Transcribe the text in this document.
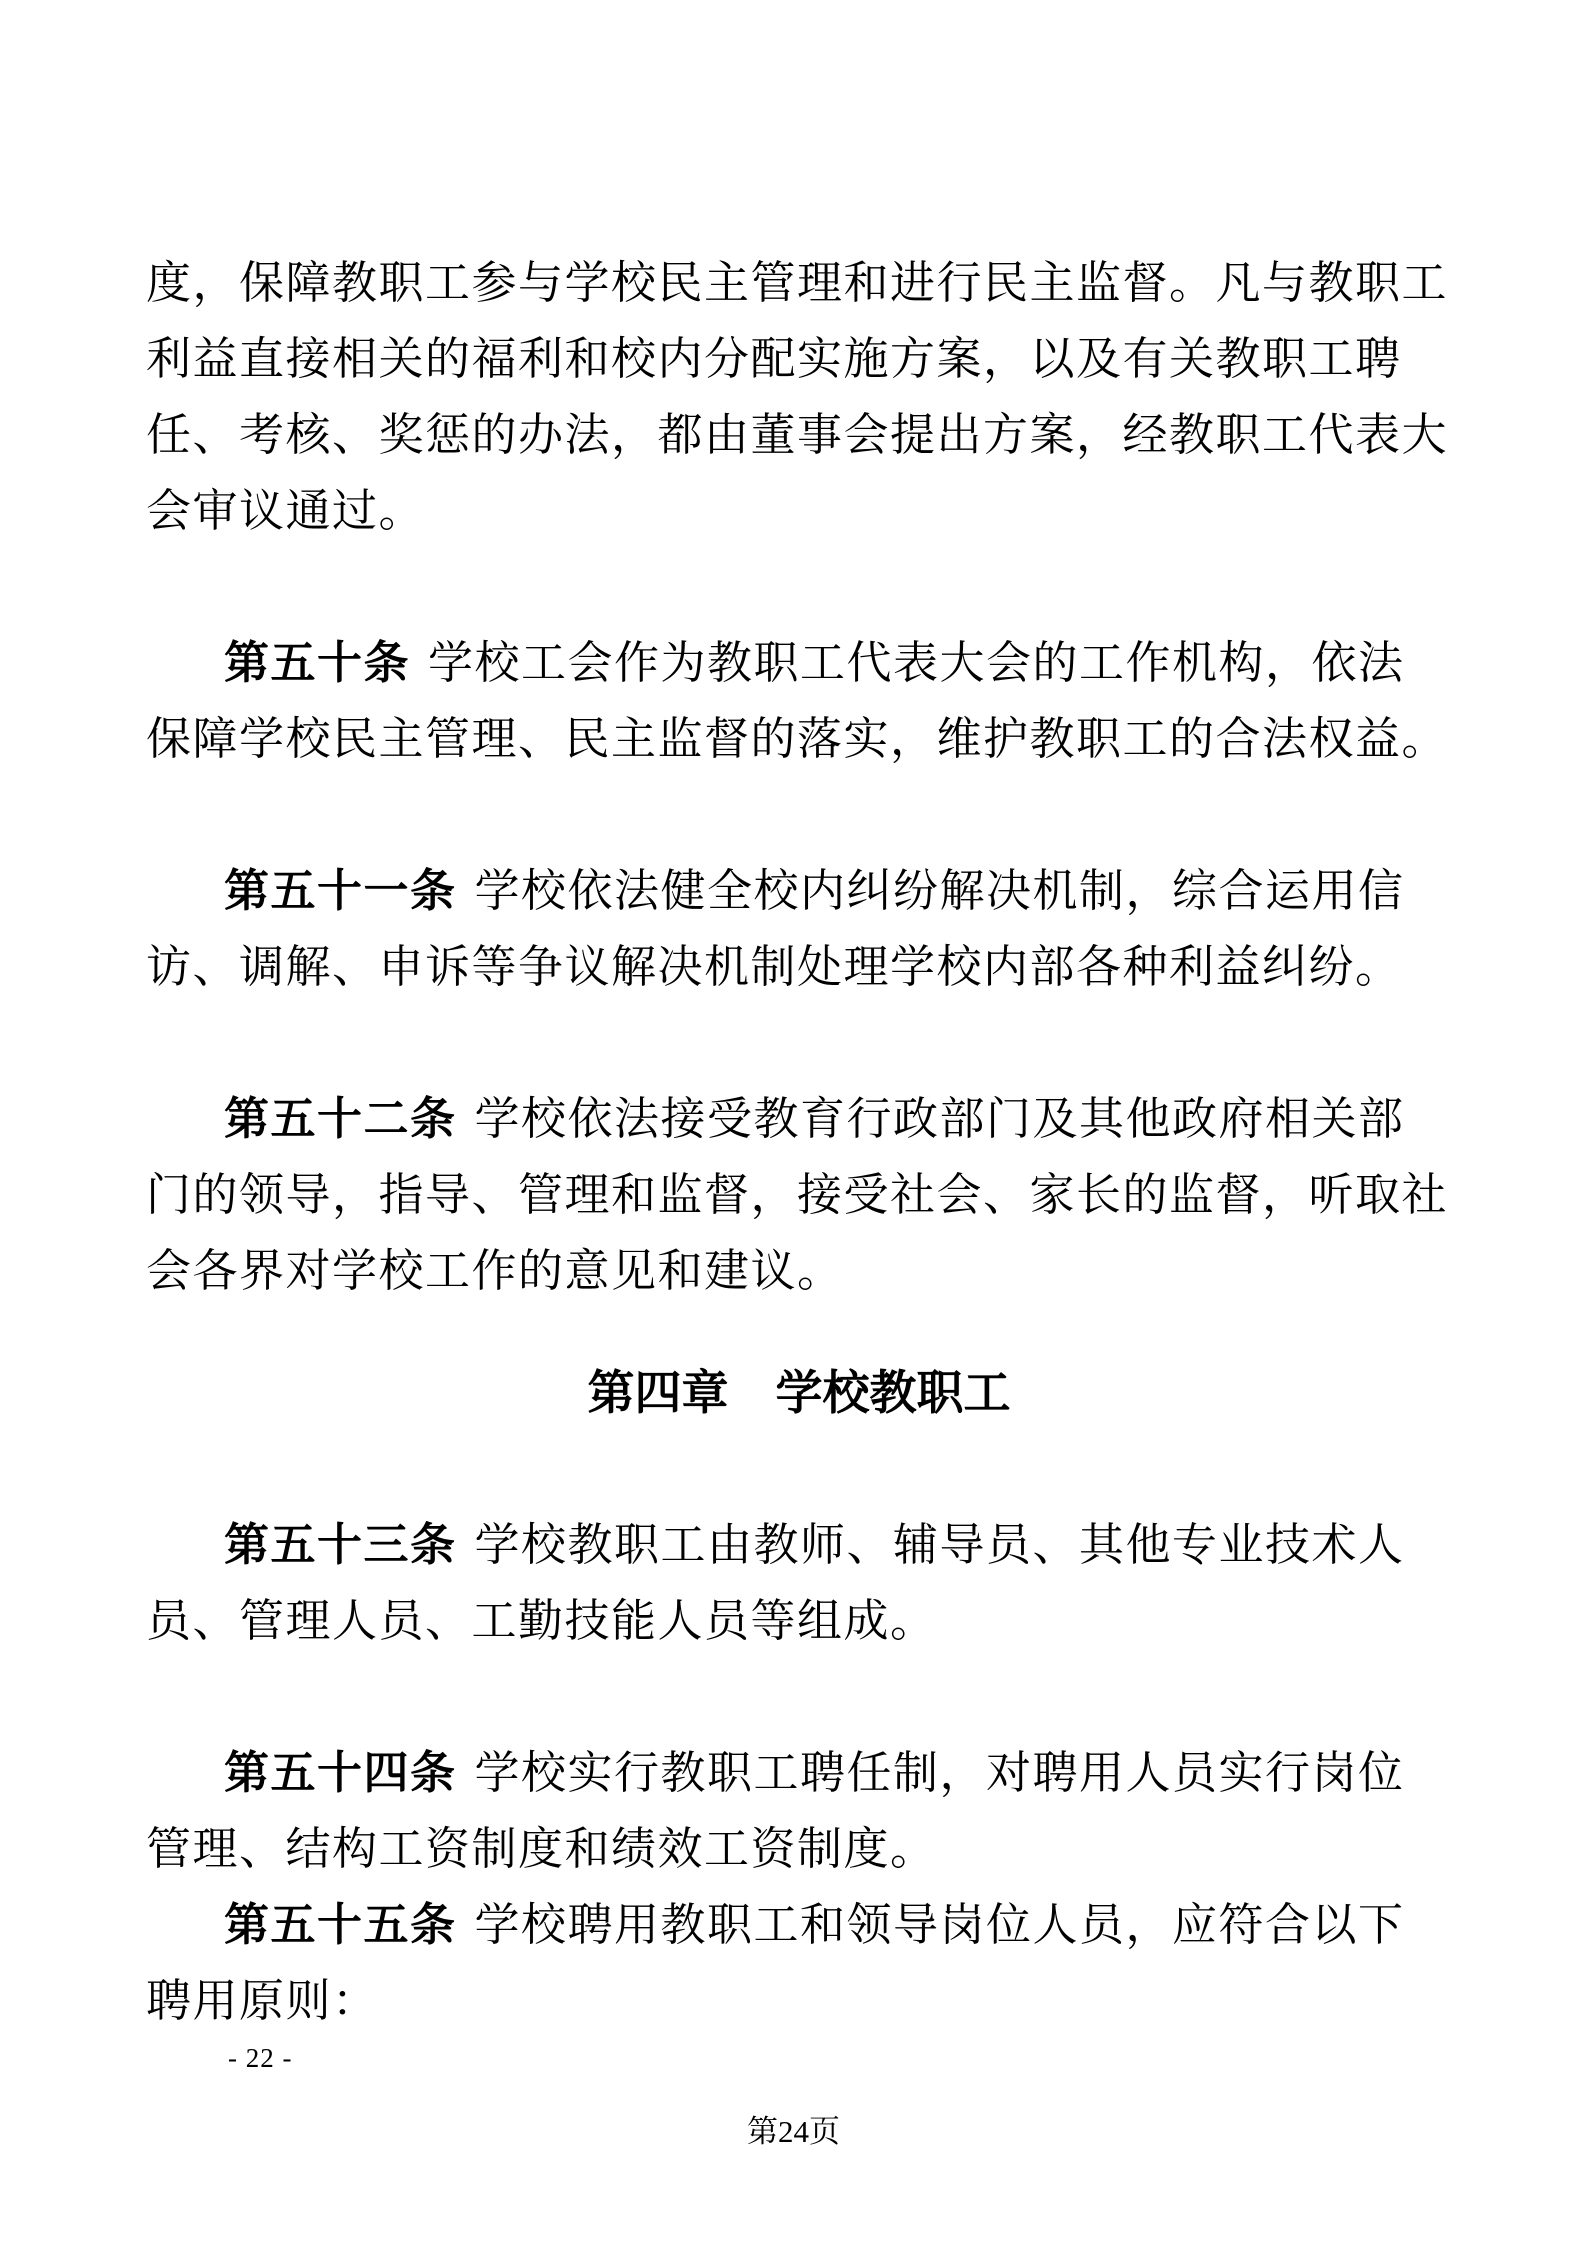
度，保障教职工参与学校民主管理和进行民主监督。凡与教职工
利益直接相关的福利和校内分配实施方案，以及有关教职工聘
任、考核、奖惩的办法，都由董事会提出方案，经教职工代表大
会审议通过。
第五十条 学校工会作为教职工代表大会的工作机构，依法
保障学校民主管理、民主监督的落实，维护教职工的合法权益。
第五十一条 学校依法健全校内纠纷解决机制，综合运用信
访、调解、申诉等争议解决机制处理学校内部各种利益纠纷。
第五十二条 学校依法接受教育行政部门及其他政府相关部
门的领导，指导、管理和监督，接受社会、家长的监督，听取社
会各界对学校工作的意见和建议。
第四章　学校教职工
第五十三条 学校教职工由教师、辅导员、其他专业技术人
员、管理人员、工勤技能人员等组成。
第五十四条 学校实行教职工聘任制，对聘用人员实行岗位
管理、结构工资制度和绩效工资制度。
第五十五条 学校聘用教职工和领导岗位人员，应符合以下
聘用原则：
- 22 -
第24页
